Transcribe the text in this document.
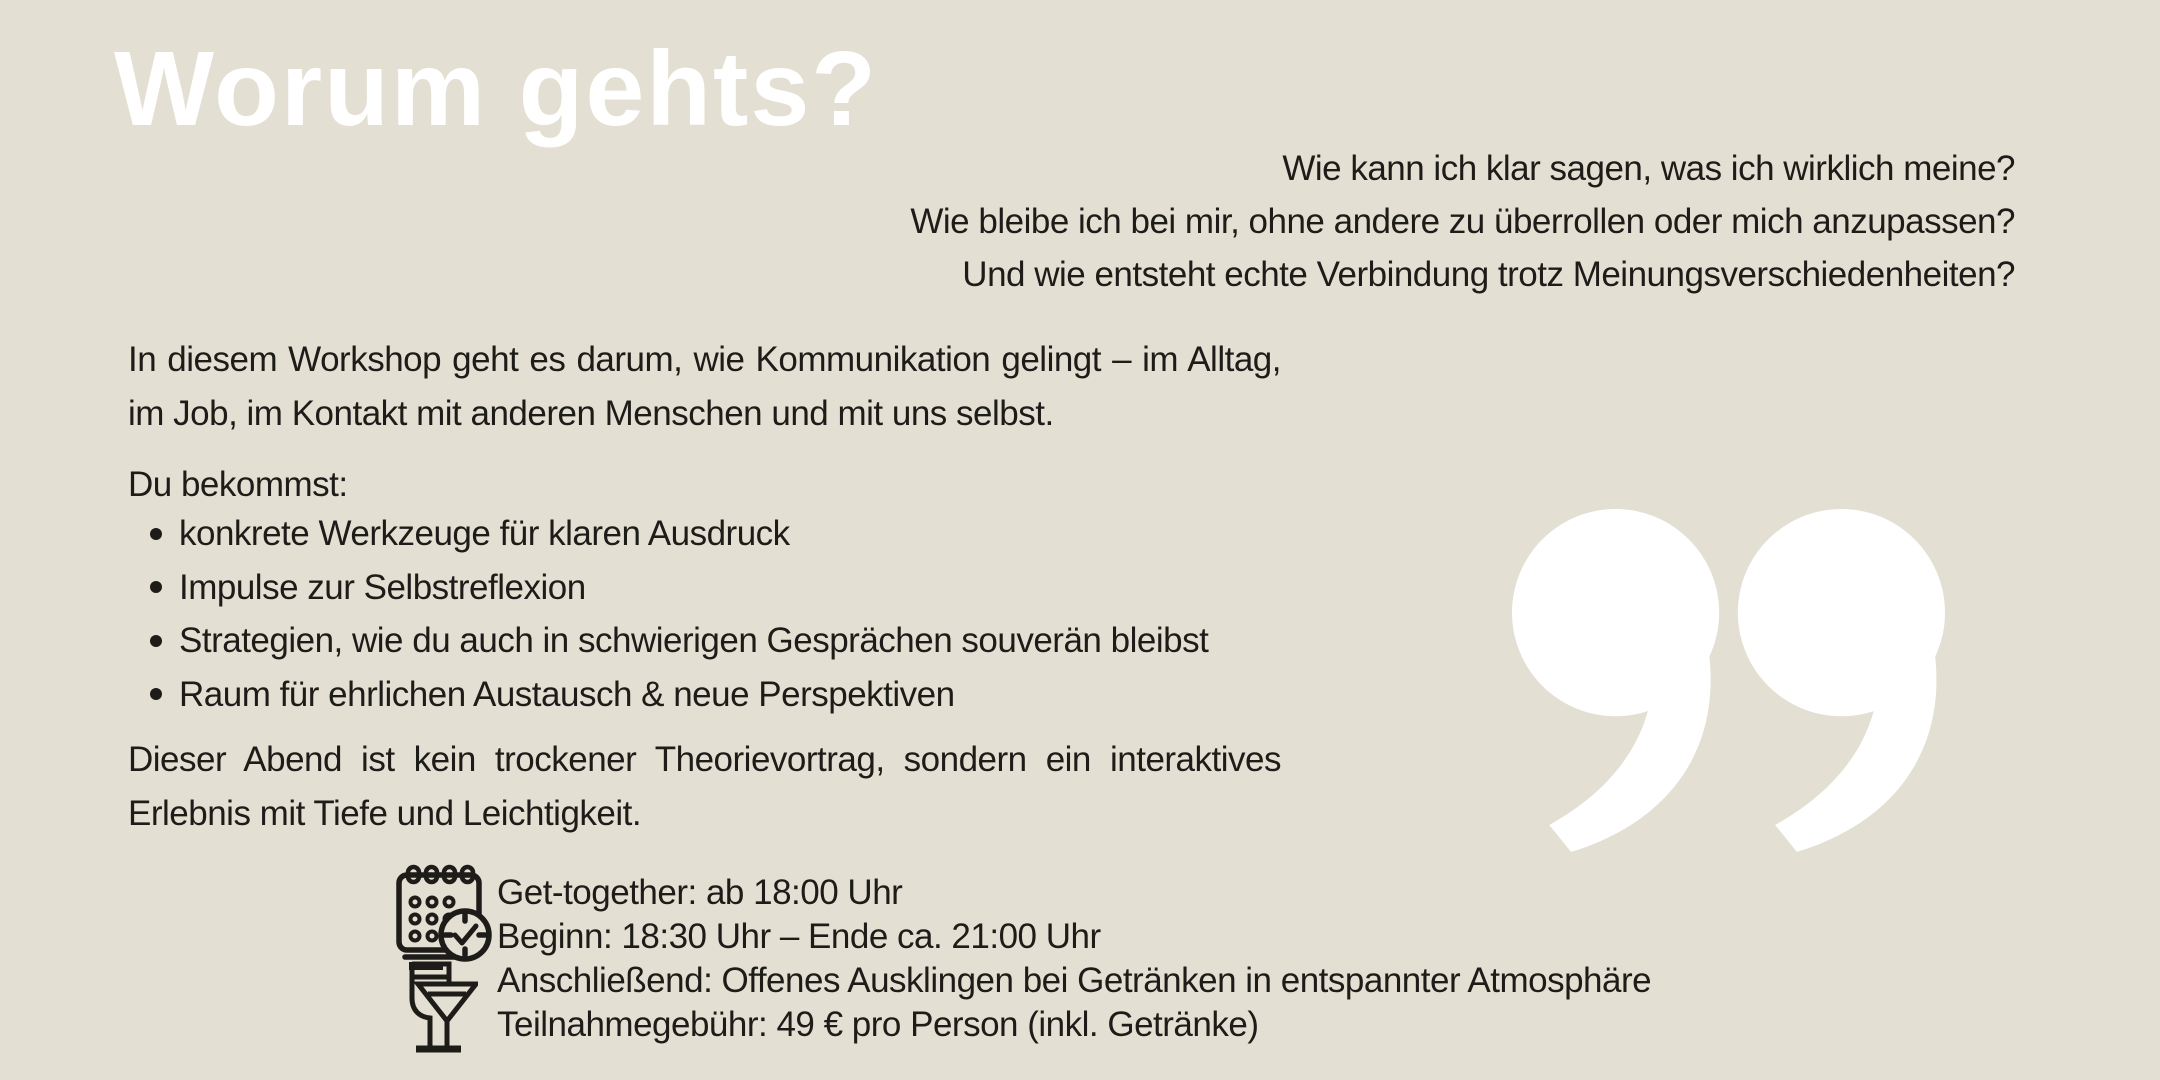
Worum gehts?
Wie kann ich klar sagen, was ich wirklich meine?
Wie bleibe ich bei mir, ohne andere zu überrollen oder mich anzupassen?
Und wie entsteht echte Verbindung trotz Meinungsverschiedenheiten?
In diesem Workshop geht es darum, wie Kommunikation gelingt – im Alltag,
im Job, im Kontakt mit anderen Menschen und mit uns selbst.
Du bekommst:
konkrete Werkzeuge für klaren Ausdruck
Impulse zur Selbstreflexion
Strategien, wie du auch in schwierigen Gesprächen souverän bleibst
Raum für ehrlichen Austausch & neue Perspektiven
Dieser Abend ist kein trockener Theorievortrag, sondern ein interaktives
Erlebnis mit Tiefe und Leichtigkeit.
Get-together: ab 18:00 Uhr
Beginn: 18:30 Uhr – Ende ca. 21:00 Uhr
Anschließend: Offenes Ausklingen bei Getränken in entspannter Atmosphäre
Teilnahmegebühr: 49 € pro Person (inkl. Getränke)
